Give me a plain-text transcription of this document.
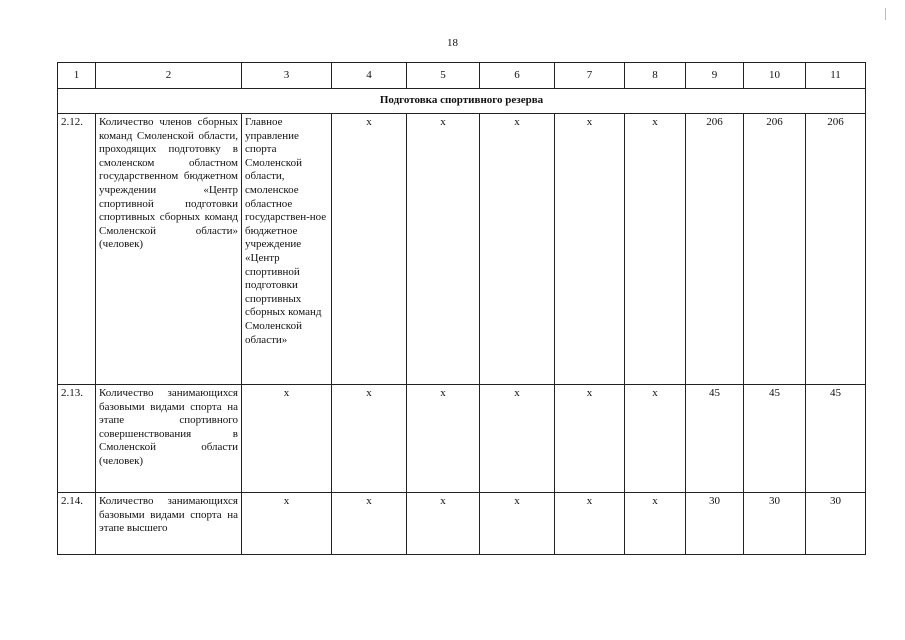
18
1	2	3	4	5	6	7	8	9	10	11
Подготовка спортивного резерва										
2.12.	Количество членов сборных команд Смоленской области, проходящих подготовку в смоленском областном государственном бюджетном учреждении «Центр спортивной подготовки спортивных сборных команд Смоленской области» (человек)	Главное управление спорта Смоленской области, смоленское областное государствен-ное бюджетное учреждение «Центр спортивной подготовки спортивных сборных команд Смоленской области»	x	x	x	x	x	206	206	206
2.13.	Количество занимающихся базовыми видами спорта на этапе спортивного совершенствования в Смоленской области (человек)	x	x	x	x	x	x	45	45	45
2.14.	Количество занимающихся базовыми видами спорта на этапе высшего	x	x	x	x	x	x	30	30	30
